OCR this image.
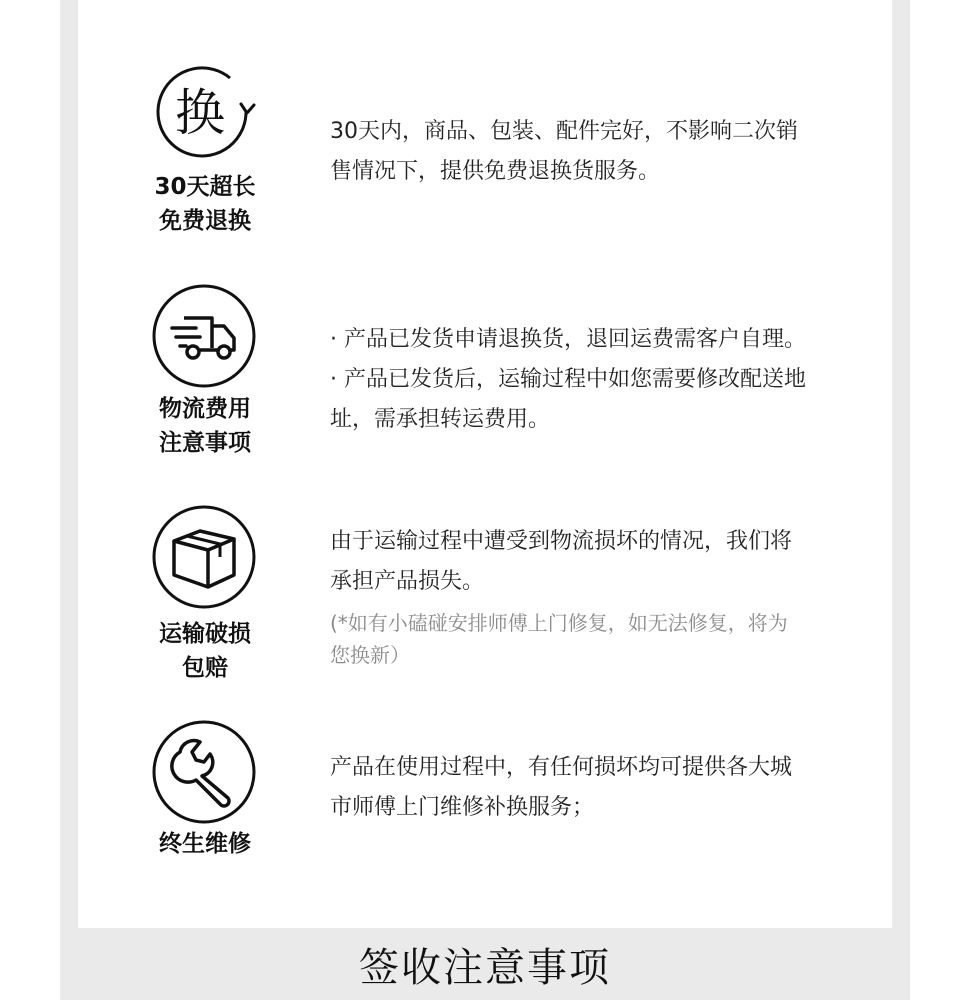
换
30天超长
免费退换

30天内，商品、包装、配件完好，不影响二次销

售情况下，提供免费退换货服务。

物流费用
注意事项

· 产品已发货申请退换货，退回运费需客户自理。

· 产品已发货后，运输过程中如您需要修改配送地

址，需承担转运费用。

运输破损
包赔

由于运输过程中遭受到物流损坏的情况，我们将

承担产品损失。

(*如有小磕碰安排师傅上门修复，如无法修复，将为

您换新）

终生维修

产品在使用过程中，有任何损坏均可提供各大城

市师傅上门维修补换服务；

签收注意事项
